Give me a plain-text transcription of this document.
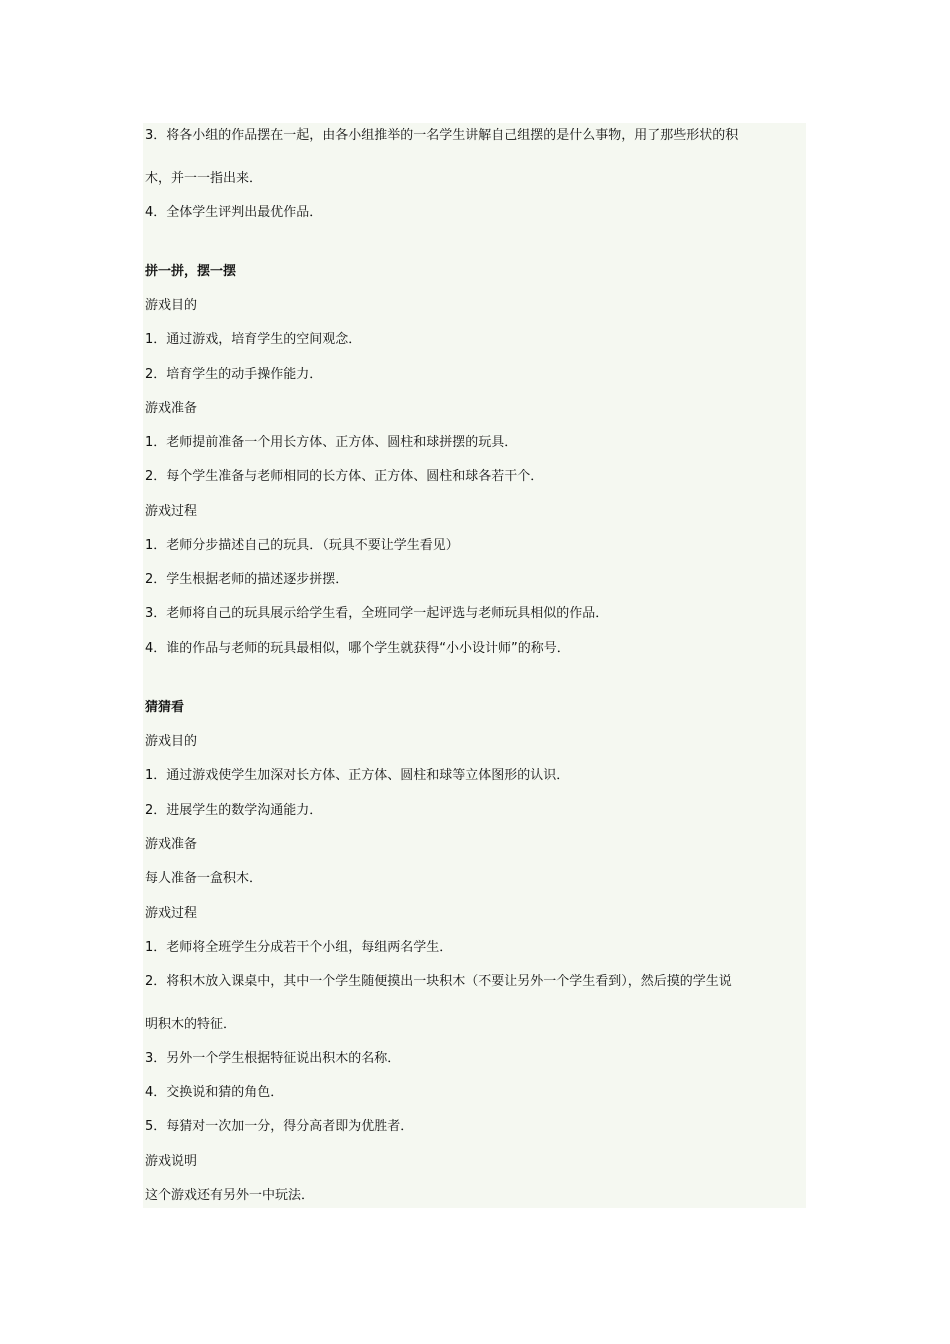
3．将各小组的作品摆在一起，由各小组推举的一名学生讲解自己组摆的是什么事物，用了那些形状的积
木，并一一指出来．
4．全体学生评判出最优作品．
拼一拼，摆一摆
游戏目的
1．通过游戏，培育学生的空间观念．
2．培育学生的动手操作能力．
游戏准备
1．老师提前准备一个用长方体、正方体、圆柱和球拼摆的玩具．
2．每个学生准备与老师相同的长方体、正方体、圆柱和球各若干个．
游戏过程
1．老师分步描述自己的玩具．（玩具不要让学生看见）
2．学生根据老师的描述逐步拼摆．
3．老师将自己的玩具展示给学生看，全班同学一起评选与老师玩具相似的作品．
4．谁的作品与老师的玩具最相似，哪个学生就获得“小小设计师”的称号．
猜猜看
游戏目的
1．通过游戏使学生加深对长方体、正方体、圆柱和球等立体图形的认识．
2．进展学生的数学沟通能力．
游戏准备
每人准备一盒积木．
游戏过程
1．老师将全班学生分成若干个小组，每组两名学生．
2．将积木放入课桌中，其中一个学生随便摸出一块积木（不要让另外一个学生看到），然后摸的学生说
明积木的特征．
3．另外一个学生根据特征说出积木的名称．
4．交换说和猜的角色．
5．每猜对一次加一分，得分高者即为优胜者．
游戏说明
这个游戏还有另外一中玩法．
